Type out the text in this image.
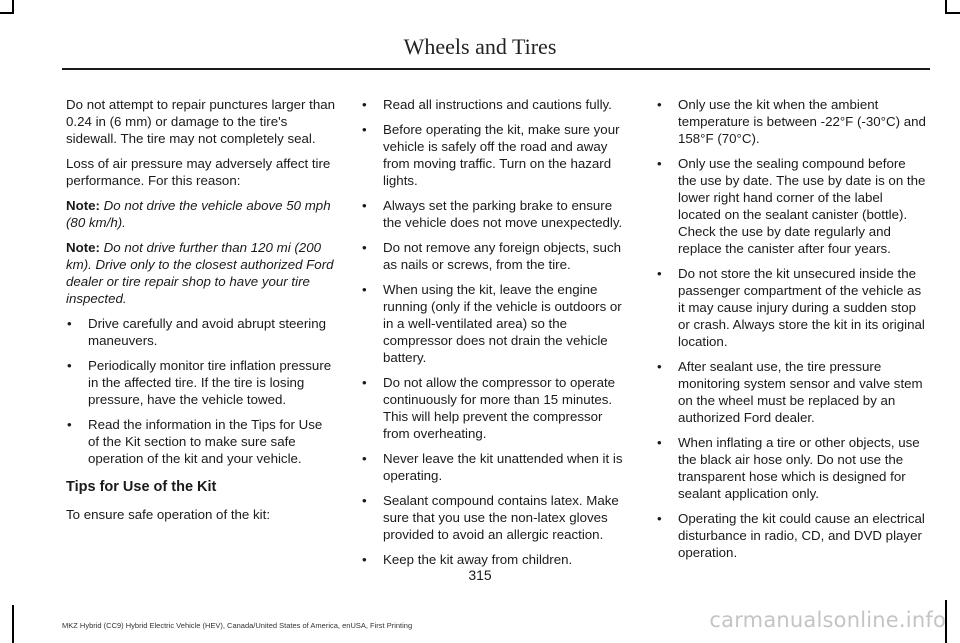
Wheels and Tires

Do not attempt to repair punctures larger than 0.24 in (6 mm) or damage to the tire's sidewall. The tire may not completely seal.

Loss of air pressure may adversely affect tire performance. For this reason:

Note: Do not drive the vehicle above 50 mph (80 km/h).

Note: Do not drive further than 120 mi (200 km). Drive only to the closest authorized Ford dealer or tire repair shop to have your tire inspected.

• Drive carefully and avoid abrupt steering maneuvers.
• Periodically monitor tire inflation pressure in the affected tire. If the tire is losing pressure, have the vehicle towed.
• Read the information in the Tips for Use of the Kit section to make sure safe operation of the kit and your vehicle.
Tips for Use of the Kit

To ensure safe operation of the kit:

• Read all instructions and cautions fully.
• Before operating the kit, make sure your vehicle is safely off the road and away from moving traffic. Turn on the hazard lights.
• Always set the parking brake to ensure the vehicle does not move unexpectedly.
• Do not remove any foreign objects, such as nails or screws, from the tire.
• When using the kit, leave the engine running (only if the vehicle is outdoors or in a well-ventilated area) so the compressor does not drain the vehicle battery.
• Do not allow the compressor to operate continuously for more than 15 minutes. This will help prevent the compressor from overheating.
• Never leave the kit unattended when it is operating.
• Sealant compound contains latex. Make sure that you use the non-latex gloves provided to avoid an allergic reaction.
• Keep the kit away from children.
• Only use the kit when the ambient temperature is between -22°F (-30°C) and 158°F (70°C).
• Only use the sealing compound before the use by date. The use by date is on the lower right hand corner of the label located on the sealant canister (bottle). Check the use by date regularly and replace the canister after four years.
• Do not store the kit unsecured inside the passenger compartment of the vehicle as it may cause injury during a sudden stop or crash. Always store the kit in its original location.
• After sealant use, the tire pressure monitoring system sensor and valve stem on the wheel must be replaced by an authorized Ford dealer.
• When inflating a tire or other objects, use the black air hose only. Do not use the transparent hose which is designed for sealant application only.
• Operating the kit could cause an electrical disturbance in radio, CD, and DVD player operation.
315
MKZ Hybrid (CC9) Hybrid Electric Vehicle (HEV), Canada/United States of America, enUSA, First Printing	carmanualsonline.info
